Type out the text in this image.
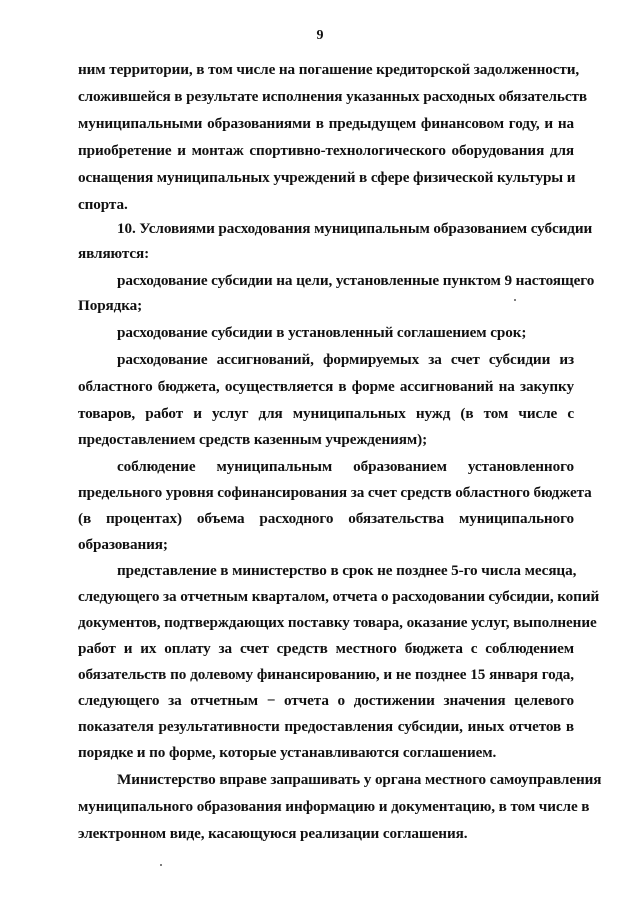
9
ним территории, в том числе на погашение кредиторской задолженности,
сложившейся в результате исполнения указанных расходных обязательств
муниципальными образованиями в предыдущем финансовом году, и на
приобретение и монтаж спортивно-технологического оборудования для
оснащения муниципальных учреждений в сфере физической культуры и
спорта.
10. Условиями расходования муниципальным образованием субсидии
являются:
расходование субсидии на цели, установленные пунктом 9 настоящего
Порядка;
расходование субсидии в установленный соглашением срок;
расходование ассигнований, формируемых за счет субсидии из
областного бюджета, осуществляется в форме ассигнований на закупку
товаров, работ и услуг для муниципальных нужд (в том числе с
предоставлением средств казенным учреждениям);
соблюдение муниципальным образованием установленного
предельного уровня софинансирования за счет средств областного бюджета
(в процентах) объема расходного обязательства муниципального
образования;
представление в министерство в срок не позднее 5-го числа месяца,
следующего за отчетным кварталом, отчета о расходовании субсидии, копий
документов, подтверждающих поставку товара, оказание услуг, выполнение
работ и их оплату за счет средств местного бюджета с соблюдением
обязательств по долевому финансированию, и не позднее 15 января года,
следующего за отчетным − отчета о достижении значения целевого
показателя результативности предоставления субсидии, иных отчетов в
порядке и по форме, которые устанавливаются соглашением.
Министерство вправе запрашивать у органа местного самоуправления
муниципального образования информацию и документацию, в том числе в
электронном виде, касающуюся реализации соглашения.
